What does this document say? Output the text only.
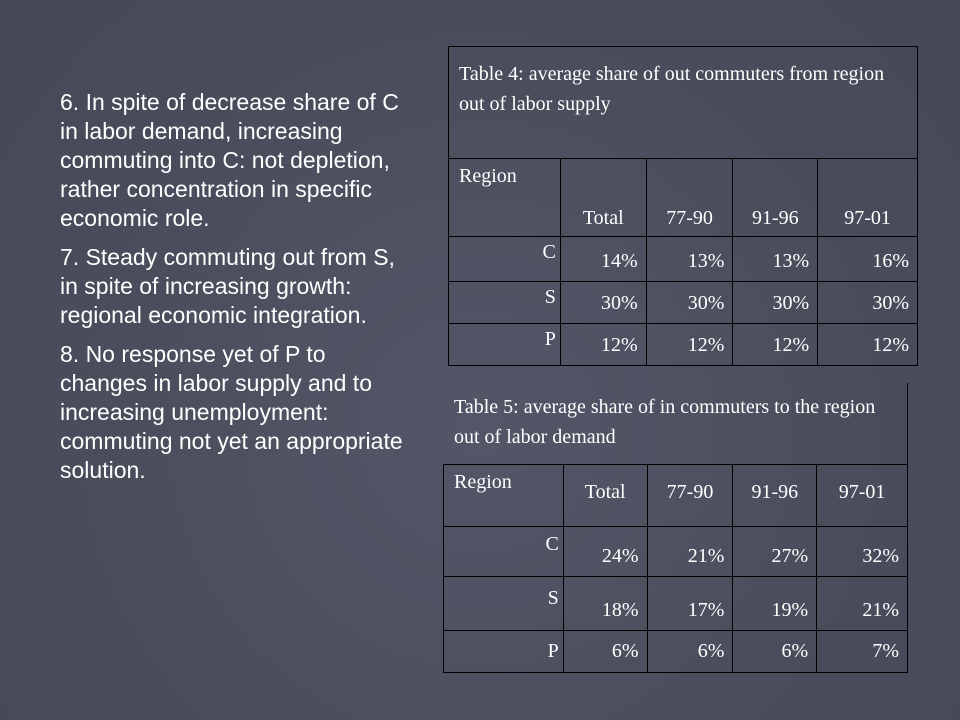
6. In spite of decrease share of C in labor demand, increasing commuting into C: not depletion, rather concentration in specific economic role.

7. Steady commuting out from S, in spite of increasing growth: regional economic integration.

8. No response yet of P to changes in labor supply and to increasing unemployment: commuting not yet an appropriate solution.

Table 4: average share of out commuters from region out of labor supply				
Region	Total	77-90	91-96	97-01
C	14%	13%	13%	16%
S	30%	30%	30%	30%
P	12%	12%	12%	12%
Table 5: average share of in commuters to the region out of labor demand				
Region	Total	77-90	91-96	97-01
C	24%	21%	27%	32%
S	18%	17%	19%	21%
P	6%	6%	6%	7%
